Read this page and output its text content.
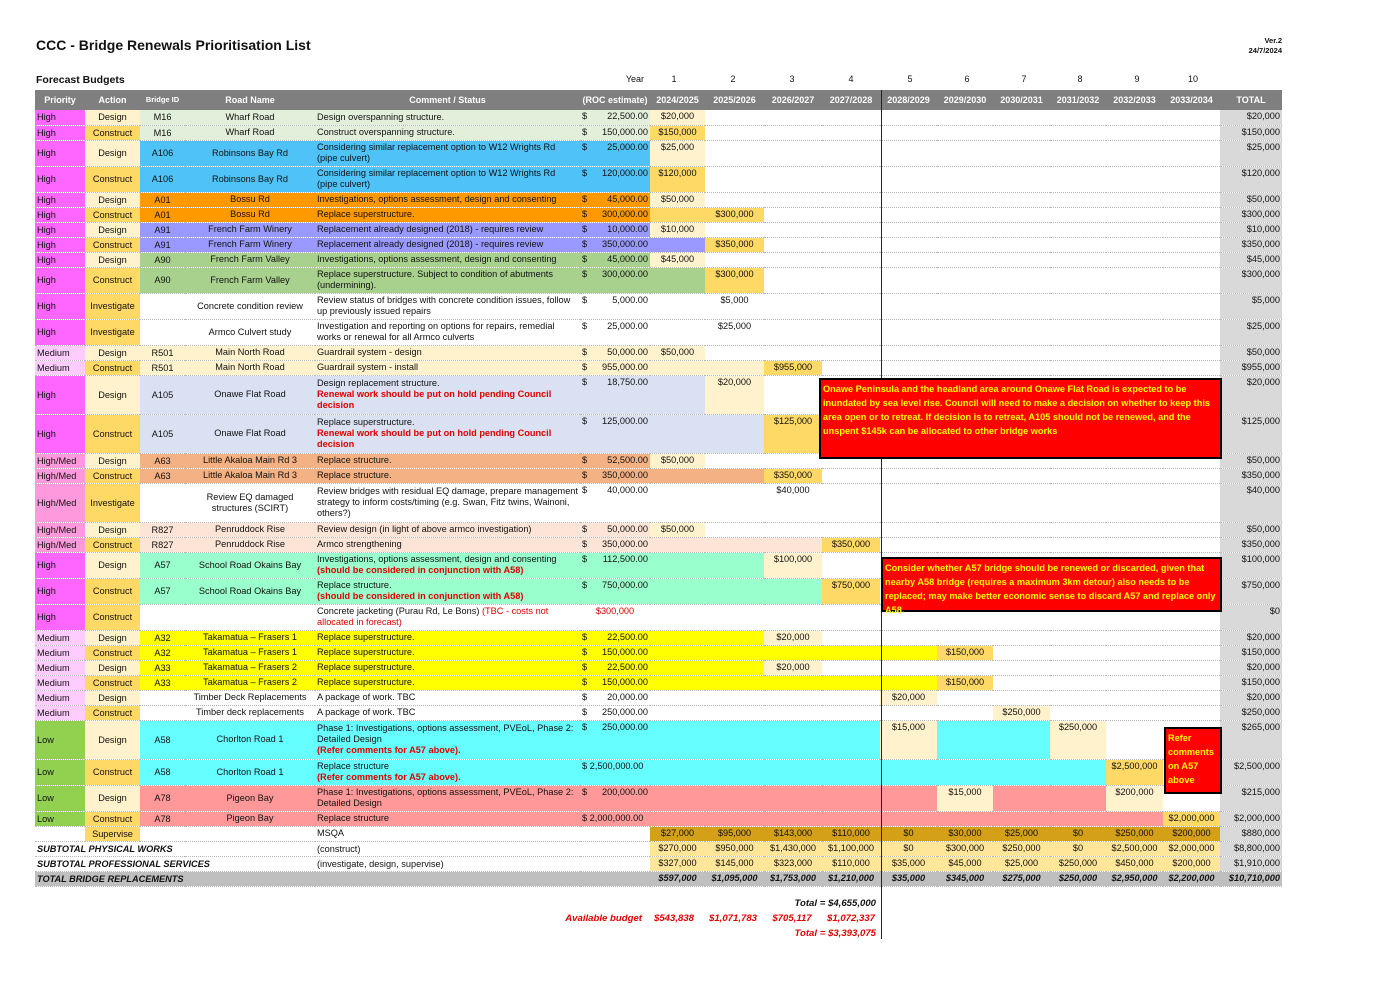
CCC - Bridge Renewals Prioritisation List	Ver.2
24/7/2024
Forecast Budgets	Year	1	2	3	4	5	6	7	8	9	10
Priority	Action	Bridge ID	Road Name	Comment / Status	(ROC estimate)	2024/2025	2025/2026	2026/2027	2027/2028	2028/2029	2029/2030	2030/2031	2031/2032	2032/2033	2033/2034	TOTAL
High	Design	M16	Wharf Road	Design overspanning structure.	$ 22,500.00	$20,000										$20,000
High	Construct	M16	Wharf Road	Construct overspanning structure.	$ 150,000.00	$150,000										$150,000
High	Design	A106	Robinsons Bay Rd	Considering similar replacement option to W12 Wrights Rd (pipe culvert)	$ 25,000.00	$25,000										$25,000
High	Construct	A106	Robinsons Bay Rd	Considering similar replacement option to W12 Wrights Rd (pipe culvert)	$ 120,000.00	$120,000										$120,000
High	Design	A01	Bossu Rd	Investigations, options assessment, design and consenting	$ 45,000.00	$50,000										$50,000
High	Construct	A01	Bossu Rd	Replace superstructure.	$ 300,000.00		$300,000									$300,000
High	Design	A91	French Farm Winery	Replacement already designed (2018) - requires review	$ 10,000.00	$10,000										$10,000
High	Construct	A91	French Farm Winery	Replacement already designed (2018) - requires review	$ 350,000.00		$350,000									$350,000
High	Design	A90	French Farm Valley	Investigations, options assessment, design and consenting	$ 45,000.00	$45,000										$45,000
High	Construct	A90	French Farm Valley	Replace superstructure. Subject to condition of abutments (undermining).	$ 300,000.00		$300,000									$300,000
High	Investigate		Concrete condition review	Review status of bridges with concrete condition issues, follow up previously issued repairs	$ 5,000.00		$5,000									$5,000
High	Investigate		Armco Culvert study	Investigation and reporting on options for repairs, remedial works or renewal for all Armco culverts	$ 25,000.00		$25,000									$25,000
Medium	Design	R501	Main North Road	Guardrail system - design	$ 50,000.00	$50,000										$50,000
Medium	Construct	R501	Main North Road	Guardrail system - install	$ 955,000.00			$955,000								$955,000
High	Design	A105	Onawe Flat Road	Design replacement structure.
Renewal work should be put on hold pending Council decision	$ 18,750.00		$20,000									$20,000
High	Construct	A105	Onawe Flat Road	Replace superstructure.
Renewal work should be put on hold pending Council decision	$ 125,000.00			$125,000								$125,000
High/Med	Design	A63	Little Akaloa Main Rd 3	Replace structure.	$ 52,500.00	$50,000										$50,000
High/Med	Construct	A63	Little Akaloa Main Rd 3	Replace structure.	$ 350,000.00			$350,000								$350,000
High/Med	Investigate		Review EQ damaged structures (SCIRT)	Review bridges with residual EQ damage, prepare management strategy to inform costs/timing (e.g. Swan, Fitz twins, Wainoni, others?)	$ 40,000.00			$40,000								$40,000
High/Med	Design	R827	Penruddock Rise	Review design (in light of above armco investigation)	$ 50,000.00	$50,000										$50,000
High/Med	Construct	R827	Penruddock Rise	Armco strengthening	$ 350,000.00				$350,000							$350,000
High	Design	A57	School Road Okains Bay	Investigations, options assessment, design and consenting
(should be considered in conjunction with A58)	$ 112,500.00			$100,000								$100,000
High	Construct	A57	School Road Okains Bay	Replace structure.
(should be considered in conjunction with A58)	$ 750,000.00				$750,000							$750,000
High	Construct			Concrete jacketing (Purau Rd, Le Bons) (TBC - costs not allocated in forecast)	$300,000											$0
Medium	Design	A32	Takamatua – Frasers 1	Replace superstructure.	$ 22,500.00			$20,000								$20,000
Medium	Construct	A32	Takamatua – Frasers 1	Replace superstructure.	$ 150,000.00						$150,000					$150,000
Medium	Design	A33	Takamatua – Frasers 2	Replace superstructure.	$ 22,500.00			$20,000								$20,000
Medium	Construct	A33	Takamatua – Frasers 2	Replace superstructure.	$ 150,000.00						$150,000					$150,000
Medium	Design		Timber Deck Replacements	A package of work. TBC	$ 20,000.00					$20,000						$20,000
Medium	Construct		Timber deck replacements	A package of work. TBC	$ 250,000.00							$250,000				$250,000
Low	Design	A58	Chorlton Road 1	Phase 1: Investigations, options assessment, PVEoL, Phase 2: Detailed Design
(Refer comments for A57 above).	$ 250,000.00					$15,000			$250,000			$265,000
Low	Construct	A58	Chorlton Road 1	Replace structure
(Refer comments for A57 above).	$ 2,500,000.00									$2,500,000		$2,500,000
Low	Design	A78	Pigeon Bay	Phase 1: Investigations, options assessment, PVEoL, Phase 2: Detailed Design	$ 200,000.00						$15,000			$200,000		$215,000
Low	Construct	A78	Pigeon Bay	Replace structure	$ 2,000,000.00										$2,000,000	$2,000,000
	Supervise			MSQA		$27,000	$95,000	$143,000	$110,000	$0	$30,000	$25,000	$0	$250,000	$200,000	$880,000
SUBTOTAL PHYSICAL WORKS				(construct)		$270,000	$950,000	$1,430,000	$1,100,000	$0	$300,000	$250,000	$0	$2,500,000	$2,000,000	$8,800,000
SUBTOTAL PROFESSIONAL SERVICES				(investigate, design, supervise)		$327,000	$145,000	$323,000	$110,000	$35,000	$45,000	$25,000	$250,000	$450,000	$200,000	$1,910,000
TOTAL BRIDGE REPLACEMENTS						$597,000	$1,095,000	$1,753,000	$1,210,000	$35,000	$345,000	$275,000	$250,000	$2,950,000	$2,200,000	$10,710,000
Onawe Peninsula and the headland area around Onawe Flat Road is expected to be inundated by sea level rise. Council will need to make a decision on whether to keep this area open or to retreat. If decision is to retreat, A105 should not be renewed, and the unspent $145k can be allocated to other bridge works
Consider whether A57 bridge should be renewed or discarded, given that nearby A58 bridge (requires a maximum 3km detour) also needs to be replaced; may make better economic sense to discard A57 and replace only A58.
Refer comments on A57 above
Total = $4,655,000
Available budget	$543,838	$1,071,783	$705,117	$1,072,337
Total = $3,393,075
